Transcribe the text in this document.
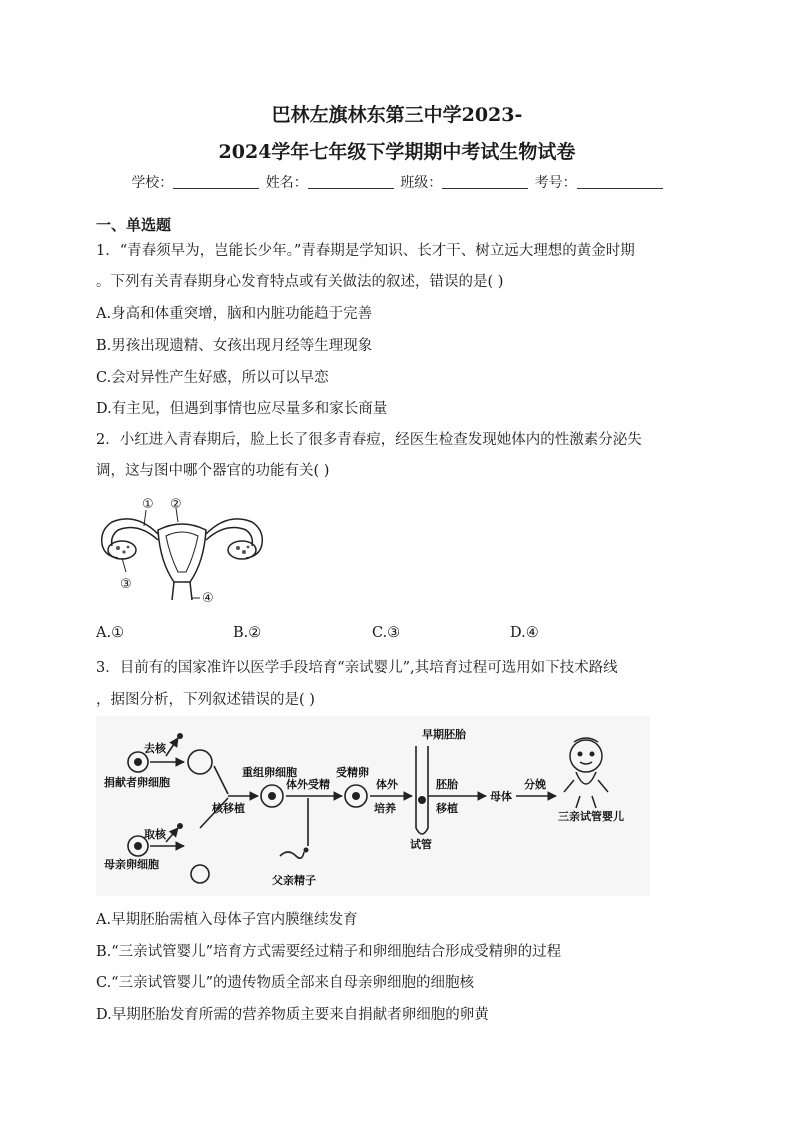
巴林左旗林东第三中学2023-
2024学年七年级下学期期中考试生物试卷
学校：	姓名：	班级：	考号：
一、单选题
1．“青春须早为，岂能长少年。”青春期是学知识、长才干、树立远大理想的黄金时期
。下列有关青春期身心发育特点或有关做法的叙述，错误的是( )
A.身高和体重突增，脑和内脏功能趋于完善
B.男孩出现遗精、女孩出现月经等生理现象
C.会对异性产生好感，所以可以早恋
D.有主见，但遇到事情也应尽量多和家长商量
2．小红进入青春期后，脸上长了很多青春痘，经医生检查发现她体内的性激素分泌失
调，这与图中哪个器官的功能有关( )
① ②
③
④
A.①	B.②	C.③	D.④
3．目前有的国家准许以医学手段培育“亲试婴儿”,其培育过程可选用如下技术路线
，据图分析，下列叙述错误的是( )
去核
捐献者卵细胞
取核
母亲卵细胞
核移植
重组卵细胞
体外受精
父亲精子
受精卵
体外
培养
早期胚胎
胚胎
移植
试管
母体
分娩
三亲试管婴儿
A.早期胚胎需植入母体子宫内膜继续发育
B.“三亲试管婴儿”培育方式需要经过精子和卵细胞结合形成受精卵的过程
C.“三亲试管婴儿”的遗传物质全部来自母亲卵细胞的细胞核
D.早期胚胎发育所需的营养物质主要来自捐献者卵细胞的卵黄
